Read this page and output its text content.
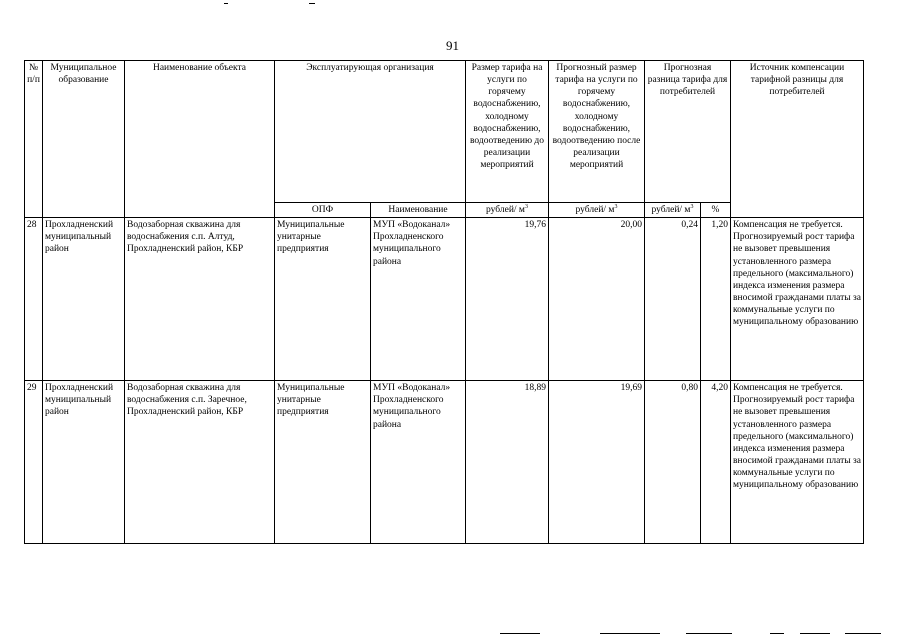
91
№ п/п	Муниципальное образование	Наименование объекта	Эксплуатирующая организация		Размер тарифа на услуги по горячему водоснабжению, холодному водоснабжению, водоотведению до реализации мероприятий	Прогнозный размер тарифа на услуги по горячему водоснабжению, холодному водоснабжению, водоотведению после реализации мероприятий	Прогнозная разница тарифа для потребителей		Источник компенсации тарифной разницы для потребителей
			ОПФ	Наименование	рублей/ $м^3$	рублей/ $м^3$	рублей/ $м^3$	%	
28	Прохладненский муниципальный район	Водозаборная скважина для водоснабжения с.п. Алтуд, Прохладненский район, КБР	Муниципальные унитарные предприятия	МУП «Водоканал» Прохладненского муниципального района	19,76	20,00	0,24	1,20	Компенсация не требуется. Прогнозируемый рост тарифа не вызовет превышения установленного размера предельного (максимального) индекса изменения размера вносимой гражданами платы за коммунальные услуги по муниципальному образованию
29	Прохладненский муниципальный район	Водозаборная скважина для водоснабжения с.п. Заречное, Прохладненский район, КБР	Муниципальные унитарные предприятия	МУП «Водоканал» Прохладненского муниципального района	18,89	19,69	0,80	4,20	Компенсация не требуется. Прогнозируемый рост тарифа не вызовет превышения установленного размера предельного (максимального) индекса изменения размера вносимой гражданами платы за коммунальные услуги по муниципальному образованию
